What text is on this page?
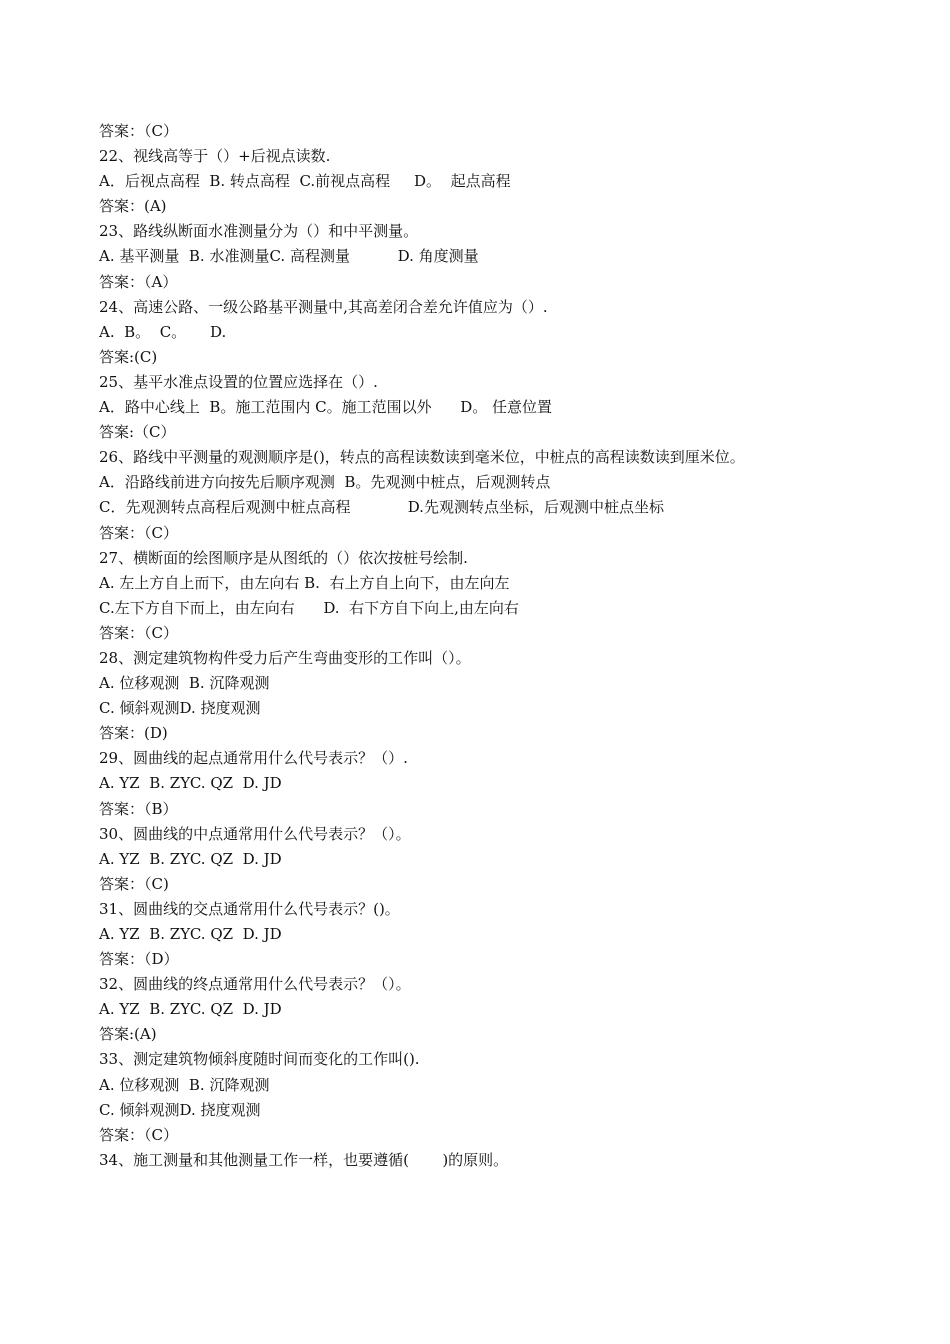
答案：（C）

22、视线高等于（）+后视点读数.

A．后视点高程  B. 转点高程  C.前视点高程     D。  起点高程

答案：(A)

23、路线纵断面水准测量分为（）和中平测量。

A. 基平测量  B. 水准测量C. 高程测量          D. 角度测量

答案：（A）

24、高速公路、一级公路基平测量中,其高差闭合差允许值应为（）.

A.  B。  C。     D.

答案:(C)

25、基平水准点设置的位置应选择在（）.

A．路中心线上  B。施工范围内 C。施工范围以外      D。 任意位置

答案:（C）

26、路线中平测量的观测顺序是()，转点的高程读数读到毫米位，中桩点的高程读数读到厘米位。

A．沿路线前进方向按先后顺序观测  B。先观测中桩点，后观测转点

C．先观测转点高程后观测中桩点高程            D.先观测转点坐标，后观测中桩点坐标

答案：（C）

27、横断面的绘图顺序是从图纸的（）依次按桩号绘制.

A. 左上方自上而下，由左向右 B.  右上方自上向下，由左向左

C.左下方自下而上，由左向右      D.  右下方自下向上,由左向右

答案：（C）

28、测定建筑物构件受力后产生弯曲变形的工作叫（）。

A. 位移观测  B. 沉降观测

C. 倾斜观测D. 挠度观测

答案：(D)

29、圆曲线的起点通常用什么代号表示？（）.

A. YZ  B. ZYC. QZ  D. JD

答案：（B）

30、圆曲线的中点通常用什么代号表示？（）。

A. YZ  B. ZYC. QZ  D. JD

答案：（C)

31、圆曲线的交点通常用什么代号表示？()。

A. YZ  B. ZYC. QZ  D. JD

答案：（D）

32、圆曲线的终点通常用什么代号表示？（）。

A. YZ  B. ZYC. QZ  D. JD

答案:(A)

33、测定建筑物倾斜度随时间而变化的工作叫().

A. 位移观测  B. 沉降观测

C. 倾斜观测D. 挠度观测

答案：（C）

34、施工测量和其他测量工作一样，也要遵循(       )的原则。
